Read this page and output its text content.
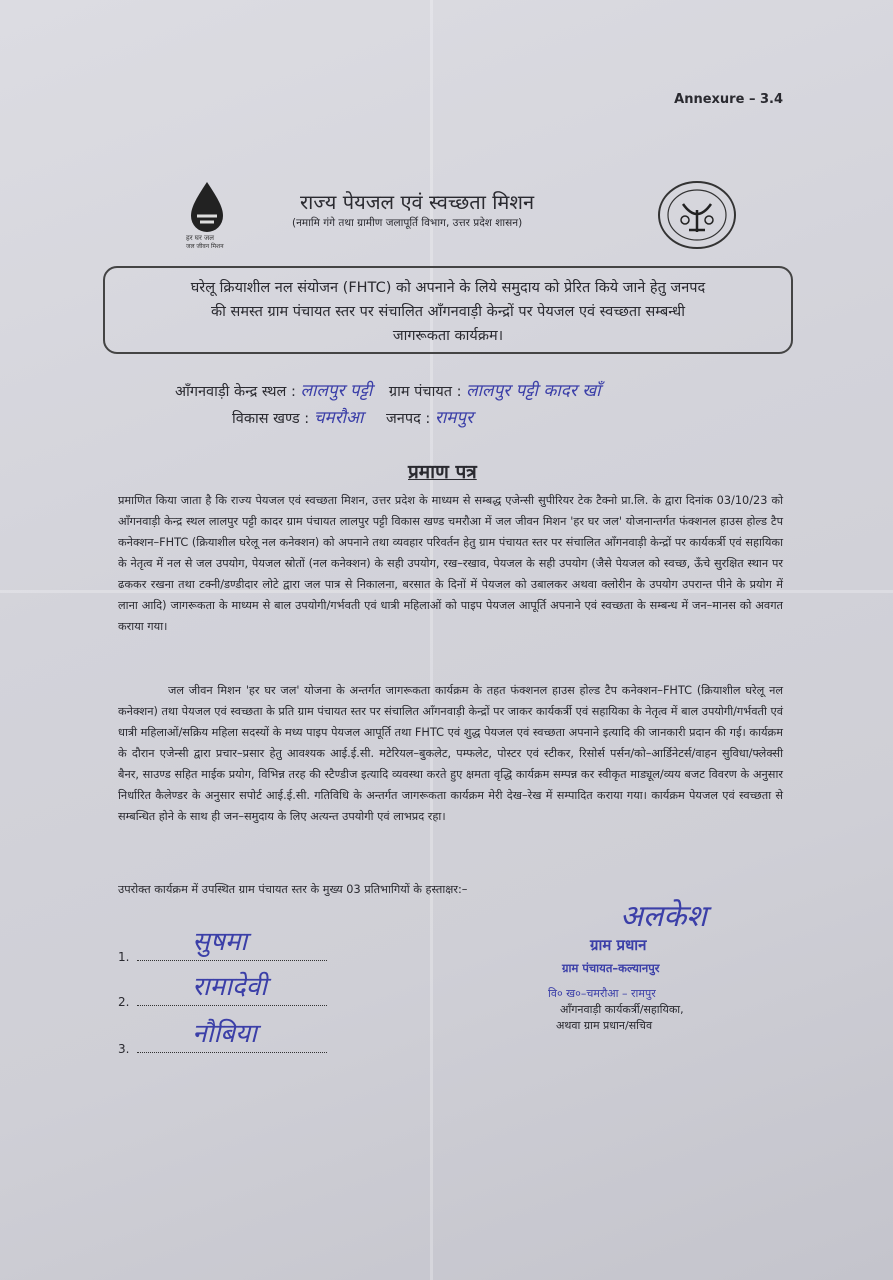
Annexure – 3.4
हर घर जल
जल जीवन मिशन
राज्य पेयजल एवं स्वच्छता मिशन
(नमामि गंगे तथा ग्रामीण जलापूर्ति विभाग, उत्तर प्रदेश शासन)
घरेलू क्रियाशील नल संयोजन (FHTC) को अपनाने के लिये समुदाय को प्रेरित किये जाने हेतु जनपद
की समस्त ग्राम पंचायत स्तर पर संचालित आँगनवाड़ी केन्द्रों पर पेयजल एवं स्वच्छता सम्बन्धी
जागरूकता कार्यक्रम।
आँगनवाड़ी केन्द्र स्थल : लालपुर पट्टी ग्राम पंचायत : लालपुर पट्टी कादर खाँ
विकास खण्ड : चमरौआ जनपद : रामपुर
प्रमाण पत्र
प्रमाणित किया जाता है कि राज्य पेयजल एवं स्वच्छता मिशन, उत्तर प्रदेश के माध्यम से सम्बद्ध एजेन्सी सुपीरियर टेक टैक्नो प्रा.लि. के द्वारा दिनांक 03/10/23 को आँगनवाड़ी केन्द्र स्थल लालपुर पट्टी कादर ग्राम पंचायत लालपुर पट्टी विकास खण्ड चमरौआ में जल जीवन मिशन 'हर घर जल' योजनान्तर्गत फंक्शनल हाउस होल्ड टैप कनेक्शन–FHTC (क्रियाशील घरेलू नल कनेक्शन) को अपनाने तथा व्यवहार परिवर्तन हेतु ग्राम पंचायत स्तर पर संचालित आँगनवाड़ी केन्द्रों पर कार्यकर्त्री एवं सहायिका के नेतृत्व में नल से जल उपयोग, पेयजल स्रोतों (नल कनेक्शन) के सही उपयोग, रख–रखाव, पेयजल के सही उपयोग (जैसे पेयजल को स्वच्छ, ऊँचे सुरक्षित स्थान पर ढककर रखना तथा टक्नी/डण्डीदार लोटे द्वारा जल पात्र से निकालना, बरसात के दिनों में पेयजल को उबालकर अथवा क्लोरीन के उपयोग उपरान्त पीने के प्रयोग में लाना आदि) जागरूकता के माध्यम से बाल उपयोगी/गर्भवती एवं धात्री महिलाओं को पाइप पेयजल आपूर्ति अपनाने एवं स्वच्छता के सम्बन्ध में जन–मानस को अवगत कराया गया।
जल जीवन मिशन 'हर घर जल' योजना के अन्तर्गत जागरूकता कार्यक्रम के तहत फंक्शनल हाउस होल्ड टैप कनेक्शन–FHTC (क्रियाशील घरेलू नल कनेक्शन) तथा पेयजल एवं स्वच्छता के प्रति ग्राम पंचायत स्तर पर संचालित आँगनवाड़ी केन्द्रों पर जाकर कार्यकर्त्री एवं सहायिका के नेतृत्व में बाल उपयोगी/गर्भवती एवं धात्री महिलाओं/सक्रिय महिला सदस्यों के मध्य पाइप पेयजल आपूर्ति तथा FHTC एवं शुद्ध पेयजल एवं स्वच्छता अपनाने इत्यादि की जानकारी प्रदान की गई। कार्यक्रम के दौरान एजेन्सी द्वारा प्रचार–प्रसार हेतु आवश्यक आई.ई.सी. मटेरियल–बुकलेट, पम्फलेट, पोस्टर एवं स्टीकर, रिसोर्स पर्सन/को–आर्डिनेटर्स/वाहन सुविधा/फ्लेक्सी बैनर, साउण्ड सहित माईक प्रयोग, विभिन्न तरह की स्टैण्डीज इत्यादि व्यवस्था करते हुए क्षमता वृद्धि कार्यक्रम सम्पन्न कर स्वीकृत माड्यूल/व्यय बजट विवरण के अनुसार निर्धारित कैलेण्डर के अनुसार सपोर्ट आई.ई.सी. गतिविधि के अन्तर्गत जागरूकता कार्यक्रम मेरी देख–रेख में सम्पादित कराया गया। कार्यक्रम पेयजल एवं स्वच्छता से सम्बन्धित होने के साथ ही जन–समुदाय के लिए अत्यन्त उपयोगी एवं लाभप्रद रहा।
उपरोक्त कार्यक्रम में उपस्थित ग्राम पंचायत स्तर के मुख्य 03 प्रतिभागियों के हस्ताक्षर:–
1. सुषमा
2. रामादेवी
3. नौबिया
अलकेश
ग्राम प्रधान
ग्राम पंचायत–कल्यानपुर
वि० ख०–चमरौआ – रामपुर
आँगनवाड़ी कार्यकर्त्री/सहायिका,
अथवा ग्राम प्रधान/सचिव
